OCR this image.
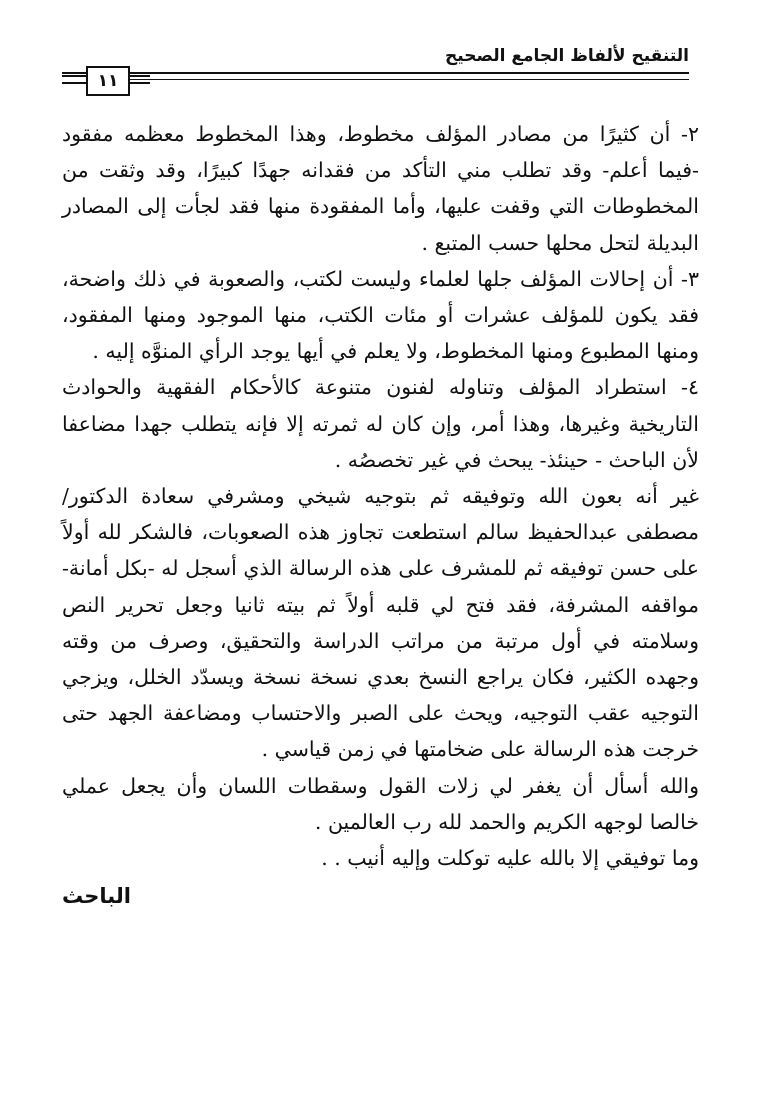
التنقيح لألفاظ الجامع الصحيح
١١

٢- أن كثيرًا من مصادر المؤلف مخطوط، وهذا المخطوط معظمه مفقود -فيما أعلم- وقد تطلب مني التأكد من فقدانه جهدًا كبيرًا، وقد وثقت من المخطوطات التي وقفت عليها، وأما المفقودة منها فقد لجأت إلى المصادر البديلة لتحل محلها حسب المتبع .

٣- أن إحالات المؤلف جلها لعلماء وليست لكتب، والصعوبة في ذلك واضحة، فقد يكون للمؤلف عشرات أو مئات الكتب، منها الموجود ومنها المفقود، ومنها المطبوع ومنها المخطوط، ولا يعلم في أيها يوجد الرأي المنوَّه إليه .

٤- استطراد المؤلف وتناوله لفنون متنوعة كالأحكام الفقهية والحوادث التاريخية وغيرها، وهذا أمر، وإن كان له ثمرته إلا فإنه يتطلب جهدا مضاعفا لأن الباحث - حينئذ- يبحث في غير تخصصُه .

غير أنه بعون الله وتوفيقه ثم بتوجيه شيخي ومشرفي سعادة الدكتور/ مصطفى عبدالحفيظ سالم استطعت تجاوز هذه الصعوبات، فالشكر لله أولاً على حسن توفيقه ثم للمشرف على هذه الرسالة الذي أسجل له -بكل أمانة- مواقفه المشرفة، فقد فتح لي قلبه أولاً ثم بيته ثانيا وجعل تحرير النص وسلامته في أول مرتبة من مراتب الدراسة والتحقيق، وصرف من وقته وجهده الكثير، فكان يراجع النسخ بعدي نسخة نسخة ويسدّد الخلل، ويزجي التوجيه عقب التوجيه، ويحث على الصبر والاحتساب ومضاعفة الجهد حتى خرجت هذه الرسالة على ضخامتها في زمن قياسي .

والله أسأل أن يغفر لي زلات القول وسقطات اللسان وأن يجعل عملي خالصا لوجهه الكريم والحمد لله رب العالمين .

وما توفيقي إلا بالله عليه توكلت وإليه أنيب . .

الباحث
